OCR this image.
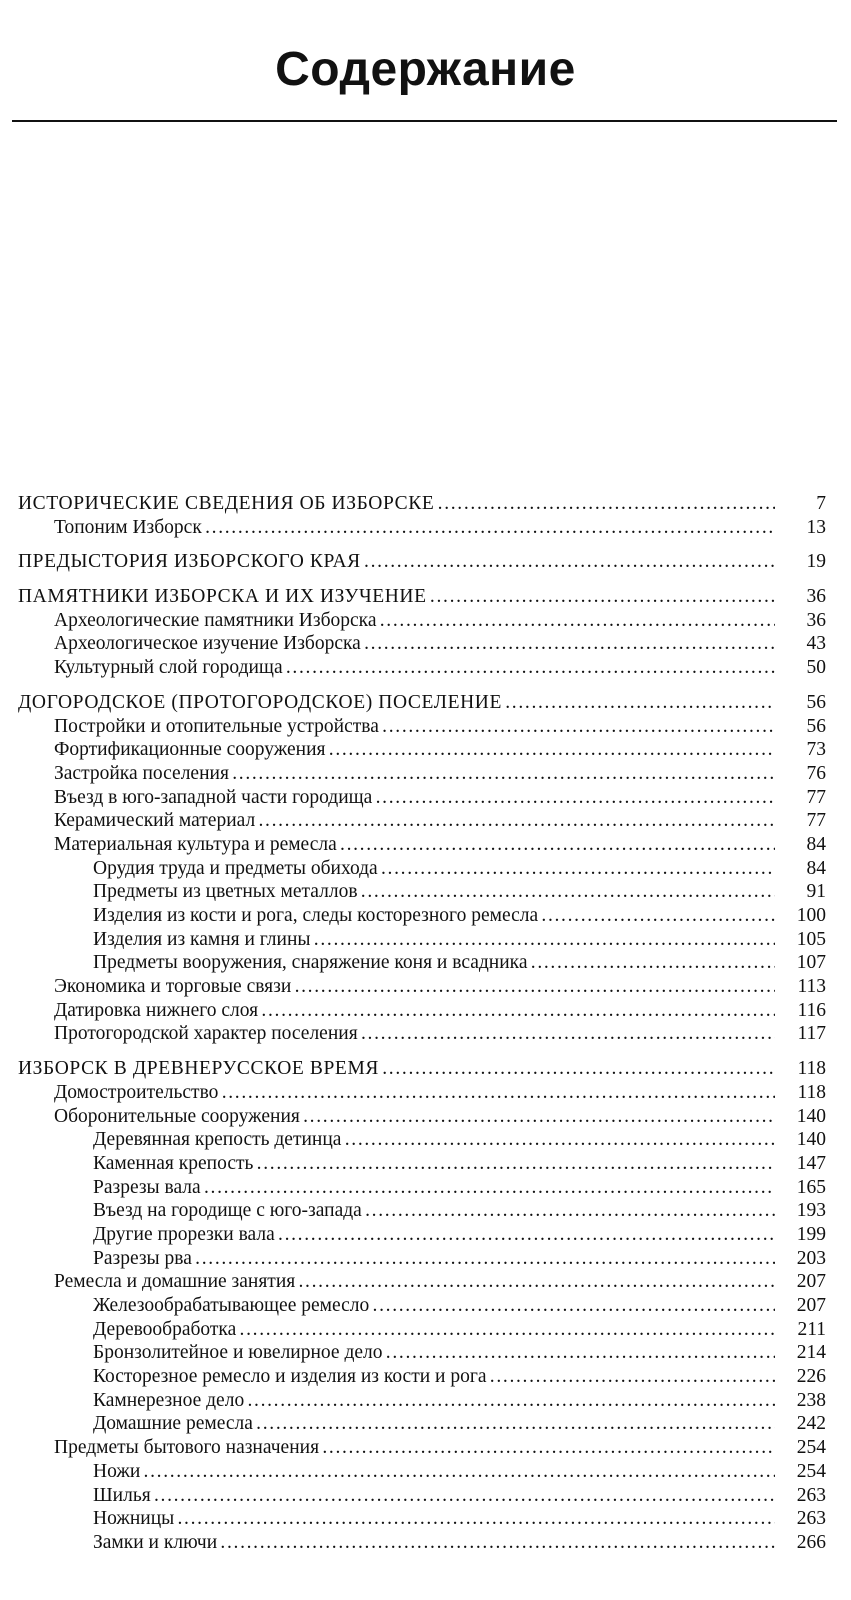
Содержание
ИСТОРИЧЕСКИЕ СВЕДЕНИЯ ОБ ИЗБОРСКЕ . . .	7
Топоним Изборск . . .	13
ПРЕДЫСТОРИЯ ИЗБОРСКОГО КРАЯ . . .	19
ПАМЯТНИКИ ИЗБОРСКА И ИХ ИЗУЧЕНИЕ . . .	36
Археологические памятники Изборска . . .	36
Археологическое изучение Изборска . . .	43
Культурный слой городища . . .	50
ДОГОРОДСКОЕ (ПРОТОГОРОДСКОЕ) ПОСЕЛЕНИЕ . . .	56
Постройки и отопительные устройства . . .	56
Фортификационные сооружения . . .	73
Застройка поселения . . .	76
Въезд в юго-западной части городища . . .	77
Керамический материал . . .	77
Материальная культура и ремесла . . .	84
Орудия труда и предметы обихода . . .	84
Предметы из цветных металлов . . .	91
Изделия из кости и рога, следы косторезного ремесла . . .	100
Изделия из камня и глины . . .	105
Предметы вооружения, снаряжение коня и всадника . . .	107
Экономика и торговые связи . . .	113
Датировка нижнего слоя . . .	116
Протогородской характер поселения . . .	117
ИЗБОРСК В ДРЕВНЕРУССКОЕ ВРЕМЯ . . .	118
Домостроительство . . .	118
Оборонительные сооружения . . .	140
Деревянная крепость детинца . . .	140
Каменная крепость . . .	147
Разрезы вала . . .	165
Въезд на городище с юго-запада . . .	193
Другие прорезки вала . . .	199
Разрезы рва . . .	203
Ремесла и домашние занятия . . .	207
Железообрабатывающее ремесло . . .	207
Деревообработка . . .	211
Бронзолитейное и ювелирное дело . . .	214
Косторезное ремесло и изделия из кости и рога . . .	226
Камнерезное дело . . .	238
Домашние ремесла . . .	242
Предметы бытового назначения . . .	254
Ножи . . .	254
Шилья . . .	263
Ножницы . . .	263
Замки и ключи . . .	266
